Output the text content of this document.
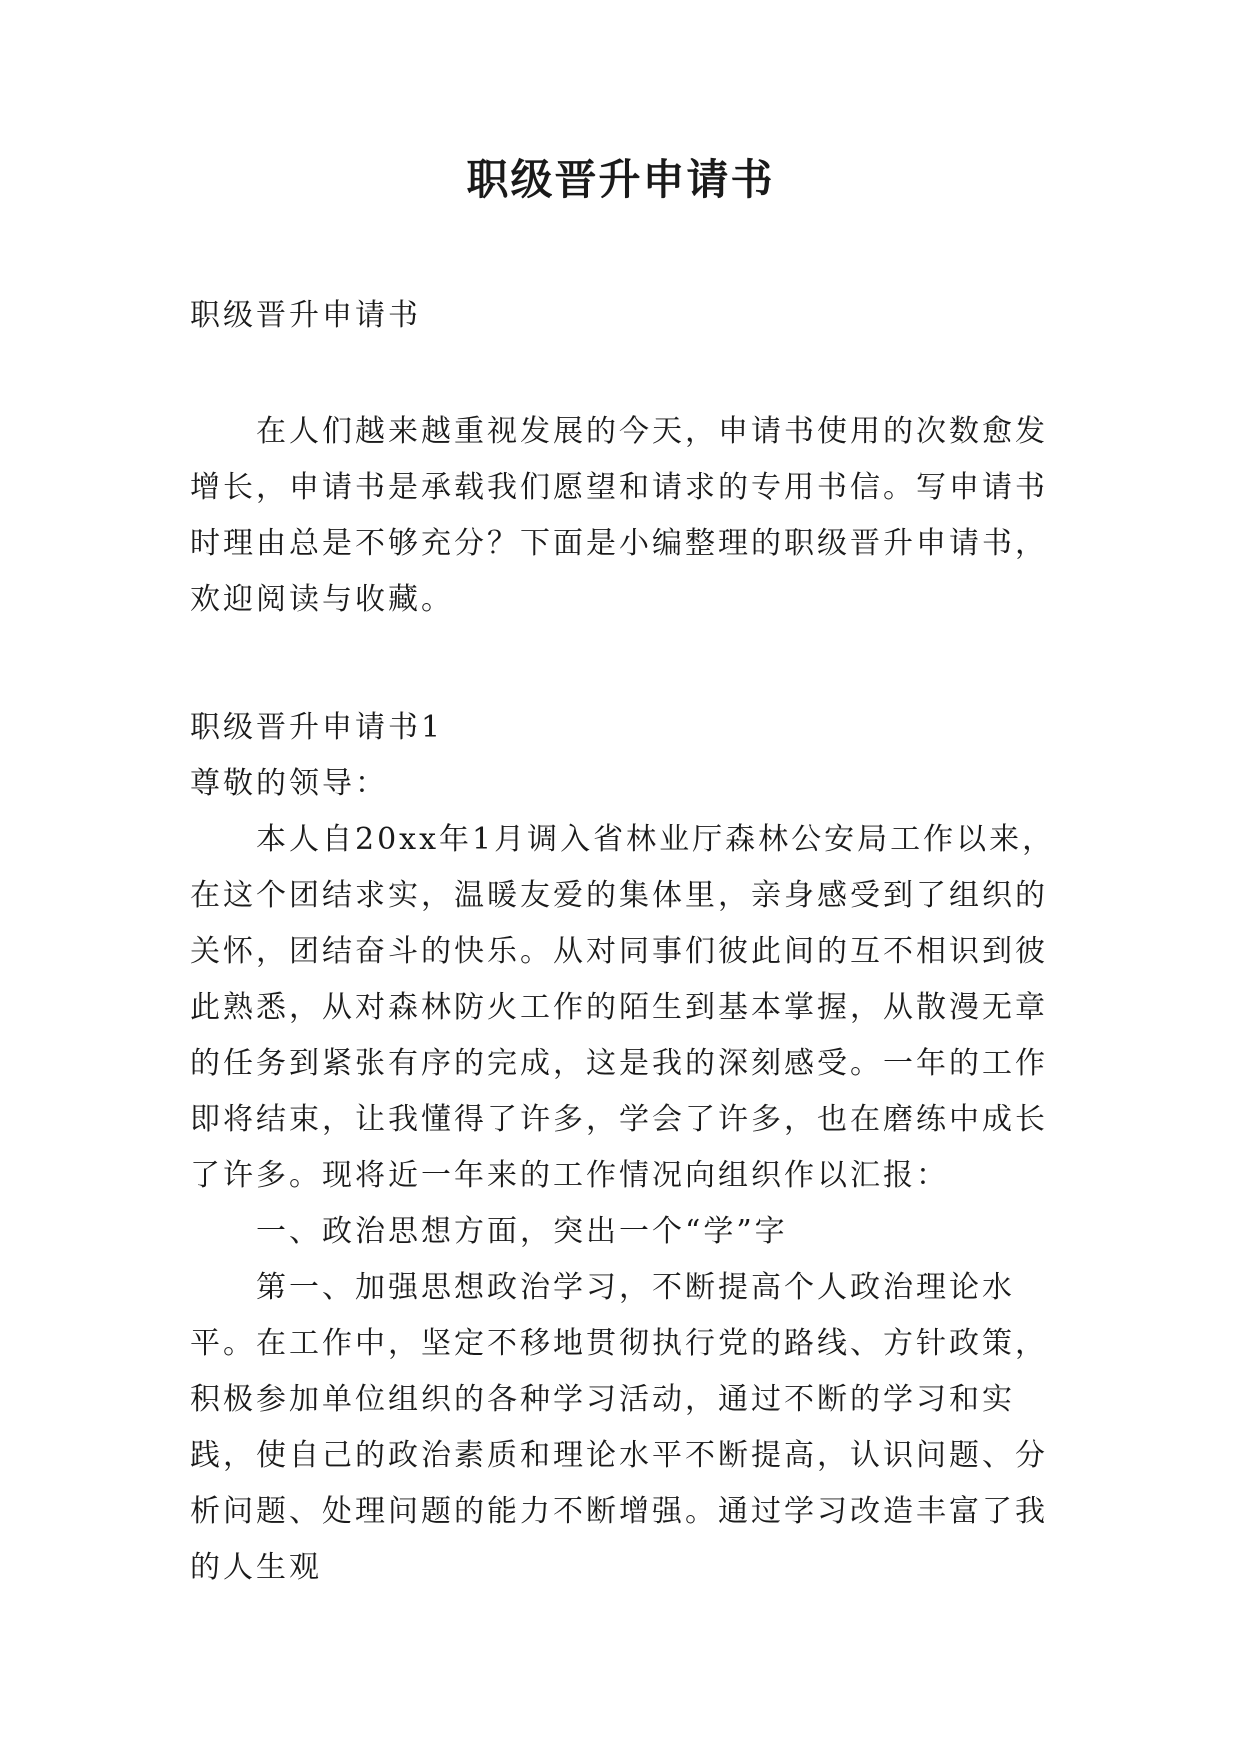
职级晋升申请书
职级晋升申请书
在人们越来越重视发展的今天，申请书使用的次数愈发增长，申请书是承载我们愿望和请求的专用书信。写申请书时理由总是不够充分？下面是小编整理的职级晋升申请书，欢迎阅读与收藏。

职级晋升申请书1

尊敬的领导：

本人自20xx年1月调入省林业厅森林公安局工作以来，在这个团结求实，温暖友爱的集体里，亲身感受到了组织的关怀，团结奋斗的快乐。从对同事们彼此间的互不相识到彼此熟悉，从对森林防火工作的陌生到基本掌握，从散漫无章的任务到紧张有序的完成，这是我的深刻感受。一年的工作即将结束，让我懂得了许多，学会了许多，也在磨练中成长了许多。现将近一年来的工作情况向组织作以汇报：

一、政治思想方面，突出一个“学”字

第一、加强思想政治学习，不断提高个人政治理论水平。在工作中，坚定不移地贯彻执行党的路线、方针政策，积极参加单位组织的各种学习活动，通过不断的学习和实践，使自己的政治素质和理论水平不断提高，认识问题、分析问题、处理问题的能力不断增强。通过学习改造丰富了我的人生观
